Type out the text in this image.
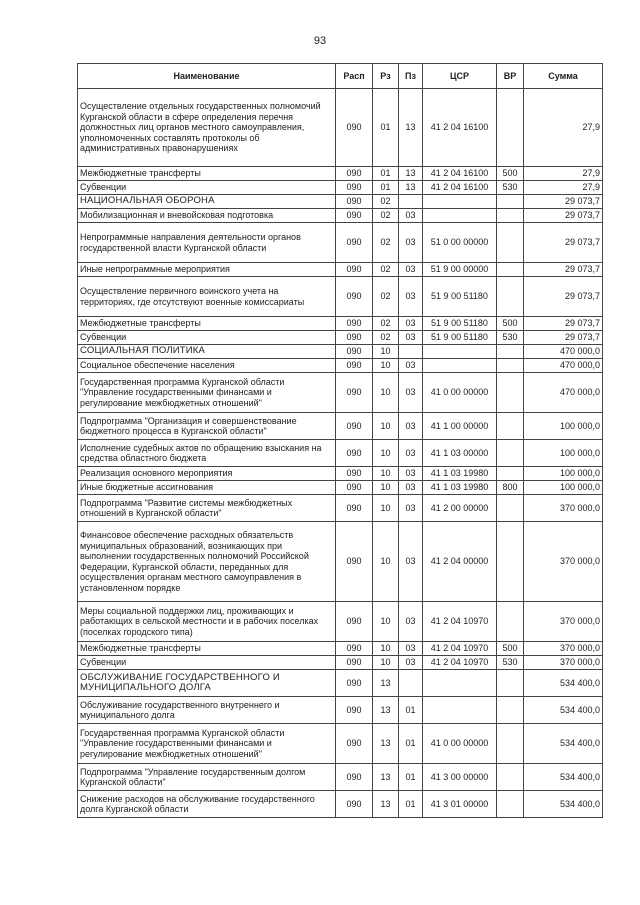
93
Наименование	Расп	Рз	Пз	ЦСР	ВР	Сумма
Осуществление отдельных государственных полномочий Курганской области в сфере определения перечня должностных лиц органов местного самоуправления, уполномоченных составлять протоколы об административных правонарушениях	090	01	13	41 2 04 16100		27,9
Межбюджетные трансферты	090	01	13	41 2 04 16100	500	27,9
Субвенции	090	01	13	41 2 04 16100	530	27,9
НАЦИОНАЛЬНАЯ ОБОРОНА	090	02				29 073,7
Мобилизационная и вневойсковая подготовка	090	02	03			29 073,7
Непрограммные направления деятельности органов государственной власти Курганской области	090	02	03	51 0 00 00000		29 073,7
Иные непрограммные мероприятия	090	02	03	51 9 00 00000		29 073,7
Осуществление первичного воинского учета на территориях, где отсутствуют военные комиссариаты	090	02	03	51 9 00 51180		29 073,7
Межбюджетные трансферты	090	02	03	51 9 00 51180	500	29 073,7
Субвенции	090	02	03	51 9 00 51180	530	29 073,7
СОЦИАЛЬНАЯ ПОЛИТИКА	090	10				470 000,0
Социальное обеспечение населения	090	10	03			470 000,0
Государственная программа Курганской области "Управление государственными финансами и регулирование межбюджетных отношений"	090	10	03	41 0 00 00000		470 000,0
Подпрограмма "Организация и совершенствование бюджетного процесса в Курганской области"	090	10	03	41 1 00 00000		100 000,0
Исполнение судебных актов по обращению взыскания на средства областного бюджета	090	10	03	41 1 03 00000		100 000,0
Реализация основного мероприятия	090	10	03	41 1 03 19980		100 000,0
Иные бюджетные ассигнования	090	10	03	41 1 03 19980	800	100 000,0
Подпрограмма "Развитие системы межбюджетных отношений в Курганской области"	090	10	03	41 2 00 00000		370 000,0
Финансовое обеспечение расходных обязательств муниципальных образований, возникающих при выполнении государственных полномочий Российской Федерации, Курганской области, переданных для осуществления органам местного самоуправления в установленном порядке	090	10	03	41 2 04 00000		370 000,0
Меры социальной поддержки лиц, проживающих и работающих в сельской местности и в рабочих поселках (поселках городского типа)	090	10	03	41 2 04 10970		370 000,0
Межбюджетные трансферты	090	10	03	41 2 04 10970	500	370 000,0
Субвенции	090	10	03	41 2 04 10970	530	370 000,0
ОБСЛУЖИВАНИЕ ГОСУДАРСТВЕННОГО И МУНИЦИПАЛЬНОГО ДОЛГА	090	13				534 400,0
Обслуживание государственного внутреннего и муниципального долга	090	13	01			534 400,0
Государственная программа Курганской области "Управление государственными финансами и регулирование межбюджетных отношений"	090	13	01	41 0 00 00000		534 400,0
Подпрограмма "Управление государственным долгом Курганской области"	090	13	01	41 3 00 00000		534 400,0
Снижение расходов на обслуживание государственного долга Курганской области	090	13	01	41 3 01 00000		534 400,0
